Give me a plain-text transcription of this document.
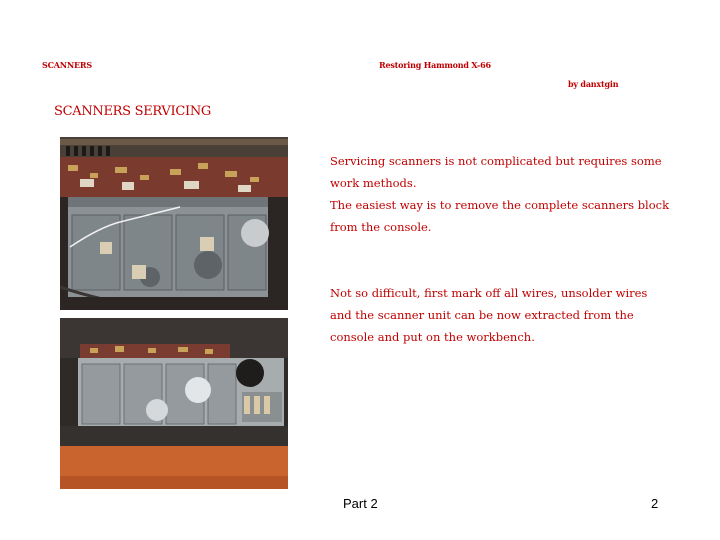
SCANNERS	Restoring Hammond X-66
by danxtgin
SCANNERS SERVICING

Servicing scanners is not complicated but requires some work methods.

The easiest way is to remove the complete scanners block from the console.

Not so difficult, first mark off all wires, unsolder wires and the scanner unit can be now extracted from the console and put on the workbench.

Part 2	2
